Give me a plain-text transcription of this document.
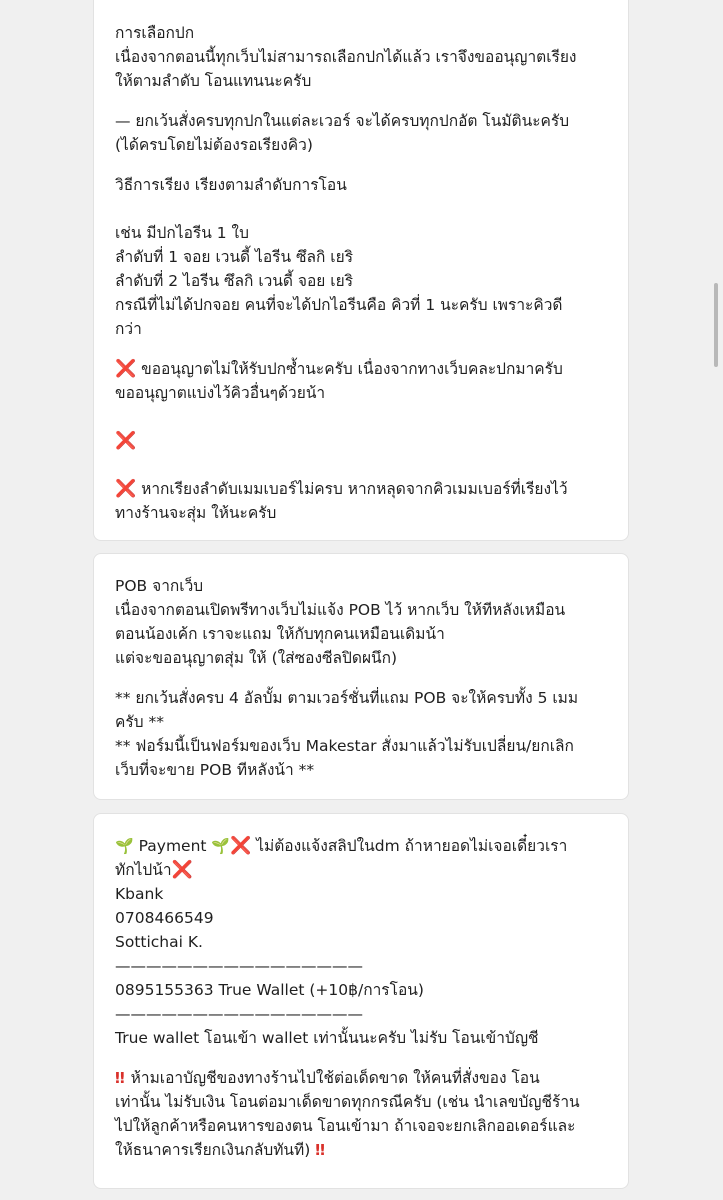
การเลือกปก
เนื่องจากตอนนี้ทุกเว็บไม่สามารถเลือกปกได้แล้ว เราจึงขออนุญาตเรียง
ให้ตามลำดับ โอนแทนนะครับ
— ยกเว้นสั่งครบทุกปกในแต่ละเวอร์ จะได้ครบทุกปกอัต โนมัตินะครับ
(ได้ครบโดยไม่ต้องรอเรียงคิว)
วิธีการเรียง เรียงตามลำดับการโอน
เช่น มีปกไอรีน 1 ใบ
ลำดับที่ 1 จอย เวนดี้ ไอรีน ซึลกิ เยริ
ลำดับที่ 2 ไอรีน ซึลกิ เวนดี้ จอย เยริ
กรณีที่ไม่ได้ปกจอย คนที่จะได้ปกไอรีนคือ คิวที่ 1 นะครับ เพราะคิวดี
กว่า
❌ ขออนุญาตไม่ให้รับปกซ้ำนะครับ เนื่องจากทางเว็บคละปกมาครับ
ขออนุญาตแบ่งไว้คิวอื่นๆด้วยน้า
❌
❌ หากเรียงลำดับเมมเบอร์ไม่ครบ หากหลุดจากคิวเมมเบอร์ที่เรียงไว้
ทางร้านจะสุ่ม ให้นะครับ
POB จากเว็บ
เนื่องจากตอนเปิดพรีทางเว็บไม่แจ้ง POB ไว้ หากเว็บ ให้ทีหลังเหมือน
ตอนน้องเค้ก เราจะแถม ให้กับทุกคนเหมือนเดิมน้า
แต่จะขออนุญาตสุ่ม ให้ (ใส่ซองซีลปิดผนึก)
** ยกเว้นสั่งครบ 4 อัลบั้ม ตามเวอร์ชั่นที่แถม POB จะให้ครบทั้ง 5 เมม
ครับ **
** ฟอร์มนี้เป็นฟอร์มของเว็บ Makestar สั่งมาแล้วไม่รับเปลี่ยน/ยกเลิก
เว็บที่จะขาย POB ทีหลังน้า **
🌱 Payment 🌱❌ ไม่ต้องแจ้งสลิปในdm ถ้าหายอดไม่เจอเดี๋ยวเรา
ทักไปน้า❌
Kbank
0708466549
Sottichai K.
————————————————
0895155363 True Wallet (+10฿/การโอน)
————————————————
True wallet โอนเข้า wallet เท่านั้นนะครับ ไม่รับ โอนเข้าบัญชี
‼ ห้ามเอาบัญชีของทางร้านไปใช้ต่อเด็ดขาด ให้คนที่สั่งของ โอน
เท่านั้น ไม่รับเงิน โอนต่อมาเด็ดขาดทุกกรณีครับ (เช่น นำเลขบัญชีร้าน
ไปให้ลูกค้าหรือคนหารของตน โอนเข้ามา ถ้าเจอจะยกเลิกออเดอร์และ
ให้ธนาคารเรียกเงินกลับทันที) ‼
